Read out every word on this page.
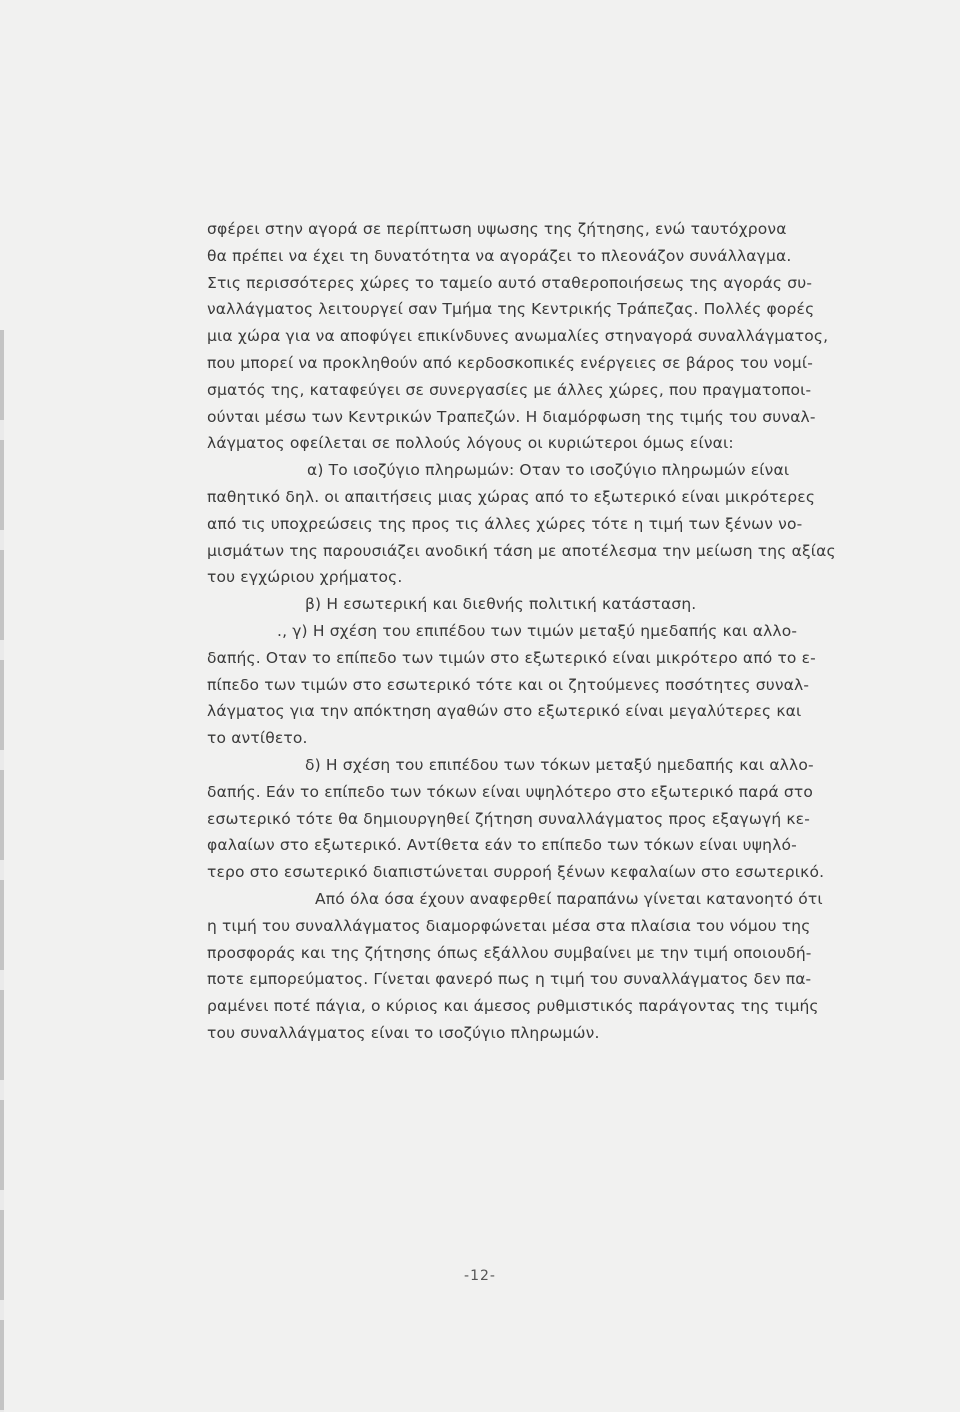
σφέρει στην αγορά σε περίπτωση υψωσης της ζήτησης, ενώ ταυτόχρονα
θα πρέπει να έχει τη δυνατότητα να αγοράζει το πλεονάζον συνάλλαγμα.
Στις περισσότερες χώρες το ταμείο αυτό σταθεροποιήσεως της αγοράς συ-
ναλλάγματος λειτουργεί σαν Τμήμα της Κεντρικής Τράπεζας. Πολλές φορές
μια χώρα για να αποφύγει επικίνδυνες ανωμαλίες στηναγορά συναλλάγματος,
που μπορεί να προκληθούν από κερδοσκοπικές ενέργειες σε βάρος του νομί-
σματός της, καταφεύγει σε συνεργασίες με άλλες χώρες, που πραγματοποι-
ούνται μέσω των Κεντρικών Τραπεζών. Η διαμόρφωση της τιμής του συναλ-
λάγματος οφείλεται σε πολλούς λόγους οι κυριώτεροι όμως είναι:
α) Το ισοζύγιο πληρωμών: Οταν το ισοζύγιο πληρωμών είναι
παθητικό δηλ. οι απαιτήσεις μιας χώρας από το εξωτερικό είναι μικρότερες
από τις υποχρεώσεις της προς τις άλλες χώρες τότε η τιμή των ξένων νο-
μισμάτων της παρουσιάζει ανοδική τάση με αποτέλεσμα την μείωση της αξίας
του εγχώριου χρήματος.
β) Η εσωτερική και διεθνής πολιτική κατάσταση.
., γ) Η σχέση του επιπέδου των τιμών μεταξύ ημεδαπής και αλλο-
δαπής. Οταν το επίπεδο των τιμών στο εξωτερικό είναι μικρότερο από το ε-
πίπεδο των τιμών στο εσωτερικό τότε και οι ζητούμενες ποσότητες συναλ-
λάγματος για την απόκτηση αγαθών στο εξωτερικό είναι μεγαλύτερες και
το αντίθετο.
δ) Η σχέση του επιπέδου των τόκων μεταξύ ημεδαπής και αλλο-
δαπής. Εάν το επίπεδο των τόκων είναι υψηλότερο στο εξωτερικό παρά στο
εσωτερικό τότε θα δημιουργηθεί ζήτηση συναλλάγματος προς εξαγωγή κε-
φαλαίων στο εξωτερικό. Αντίθετα εάν το επίπεδο των τόκων είναι υψηλό-
τερο στο εσωτερικό διαπιστώνεται συρροή ξένων κεφαλαίων στο εσωτερικό.
Από όλα όσα έχουν αναφερθεί παραπάνω γίνεται κατανοητό ότι
η τιμή του συναλλάγματος διαμορφώνεται μέσα στα πλαίσια του νόμου της
προσφοράς και της ζήτησης όπως εξάλλου συμβαίνει με την τιμή οποιουδή-
ποτε εμπορεύματος. Γίνεται φανερό πως η τιμή του συναλλάγματος δεν πα-
ραμένει ποτέ πάγια, ο κύριος και άμεσος ρυθμιστικός παράγοντας της τιμής
του συναλλάγματος είναι το ισοζύγιο πληρωμών.
-12-
